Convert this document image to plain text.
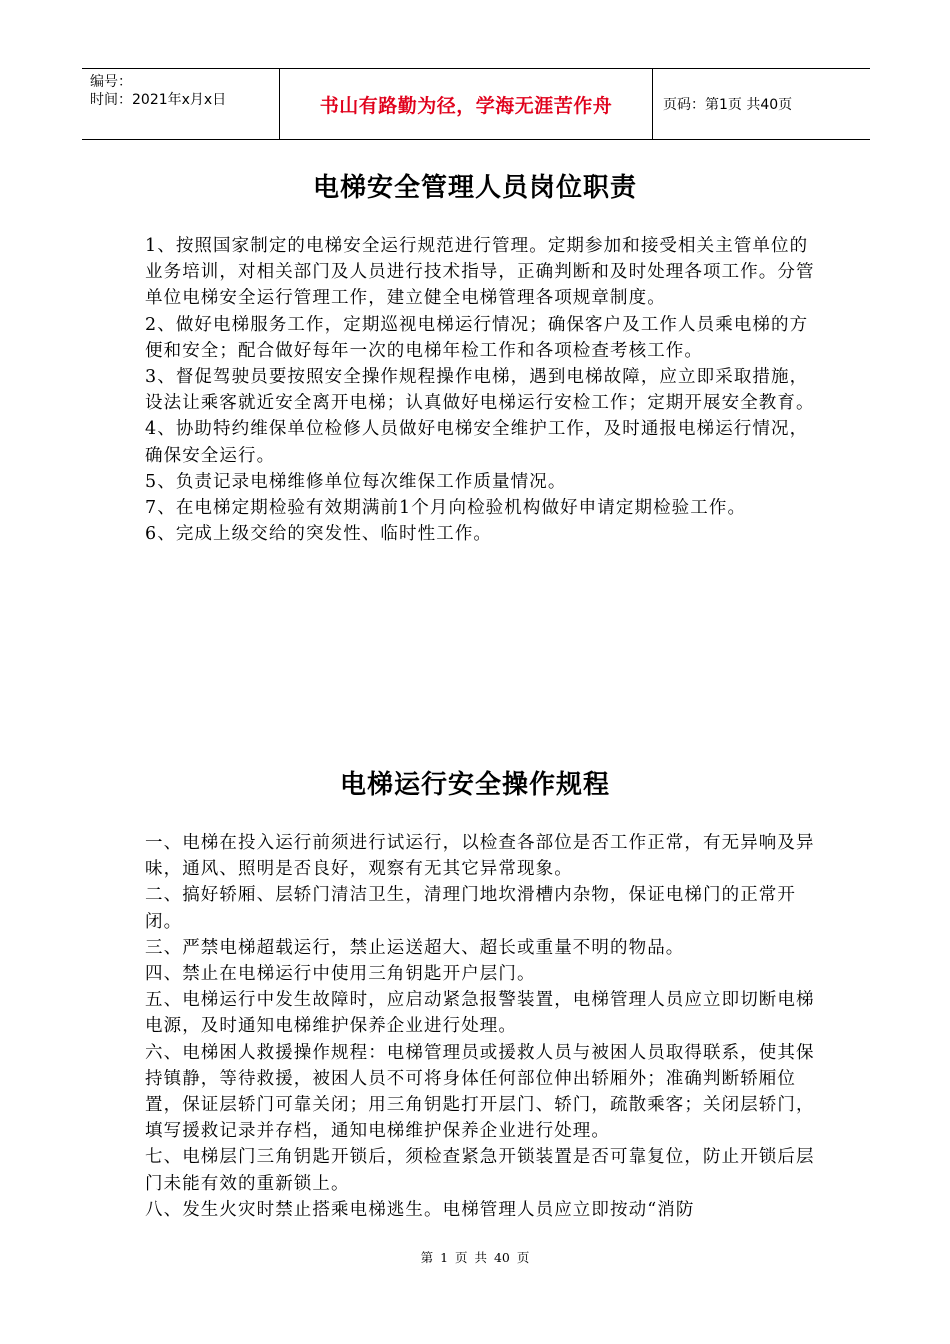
编号：
时间：2021年x月x日	书山有路勤为径，学海无涯苦作舟	页码：第1页 共40页
电梯安全管理人员岗位职责

1、按照国家制定的电梯安全运行规范进行管理。定期参加和接受相关主管单位的业务培训，对相关部门及人员进行技术指导，正确判断和及时处理各项工作。分管单位电梯安全运行管理工作，建立健全电梯管理各项规章制度。

2、做好电梯服务工作，定期巡视电梯运行情况；确保客户及工作人员乘电梯的方便和安全；配合做好每年一次的电梯年检工作和各项检查考核工作。

3、督促驾驶员要按照安全操作规程操作电梯，遇到电梯故障，应立即采取措施，设法让乘客就近安全离开电梯；认真做好电梯运行安检工作；定期开展安全教育。

4、协助特约维保单位检修人员做好电梯安全维护工作，及时通报电梯运行情况，确保安全运行。

5、负责记录电梯维修单位每次维保工作质量情况。

7、在电梯定期检验有效期满前1个月向检验机构做好申请定期检验工作。

6、完成上级交给的突发性、临时性工作。

电梯运行安全操作规程

一、电梯在投入运行前须进行试运行，以检查各部位是否工作正常，有无异响及异味，通风、照明是否良好，观察有无其它异常现象。

二、搞好轿厢、层轿门清洁卫生，清理门地坎滑槽内杂物，保证电梯门的正常开闭。

三、严禁电梯超载运行，禁止运送超大、超长或重量不明的物品。

四、禁止在电梯运行中使用三角钥匙开户层门。

五、电梯运行中发生故障时，应启动紧急报警装置，电梯管理人员应立即切断电梯电源，及时通知电梯维护保养企业进行处理。

六、电梯困人救援操作规程：电梯管理员或援救人员与被困人员取得联系，使其保持镇静，等待救援，被困人员不可将身体任何部位伸出轿厢外；准确判断轿厢位置，保证层轿门可靠关闭；用三角钥匙打开层门、轿门，疏散乘客；关闭层轿门，填写援救记录并存档，通知电梯维护保养企业进行处理。

七、电梯层门三角钥匙开锁后，须检查紧急开锁装置是否可靠复位，防止开锁后层门未能有效的重新锁上。

八、发生火灾时禁止搭乘电梯逃生。电梯管理人员应立即按动“消防

第 1 页 共 40 页
